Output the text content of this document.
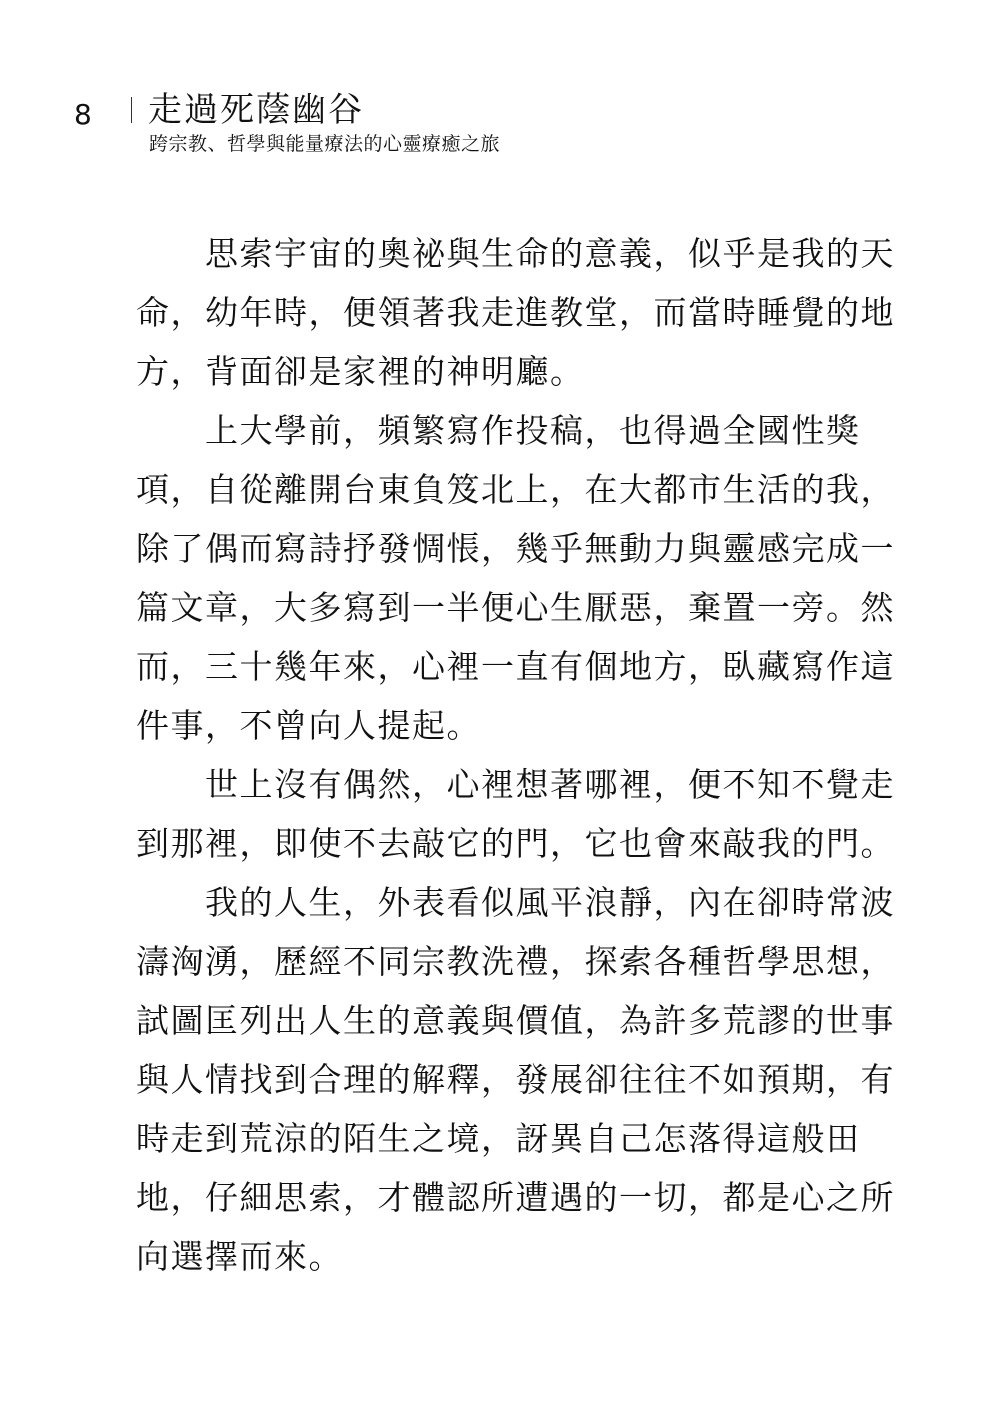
8 走過死蔭幽谷
跨宗教、哲學與能量療法的心靈療癒之旅
　　思索宇宙的奧祕與生命的意義，似乎是我的天
命，幼年時，便領著我走進教堂，而當時睡覺的地
方，背面卻是家裡的神明廳。
　　上大學前，頻繁寫作投稿，也得過全國性獎
項，自從離開台東負笈北上，在大都市生活的我，
除了偶而寫詩抒發惆悵，幾乎無動力與靈感完成一
篇文章，大多寫到一半便心生厭惡，棄置一旁。然
而，三十幾年來，心裡一直有個地方，臥藏寫作這
件事，不曾向人提起。
　　世上沒有偶然，心裡想著哪裡，便不知不覺走
到那裡，即使不去敲它的門，它也會來敲我的門。
　　我的人生，外表看似風平浪靜，內在卻時常波
濤洶湧，歷經不同宗教洗禮，探索各種哲學思想，
試圖匡列出人生的意義與價值，為許多荒謬的世事
與人情找到合理的解釋，發展卻往往不如預期，有
時走到荒涼的陌生之境，訝異自己怎落得這般田
地，仔細思索，才體認所遭遇的一切，都是心之所
向選擇而來。
